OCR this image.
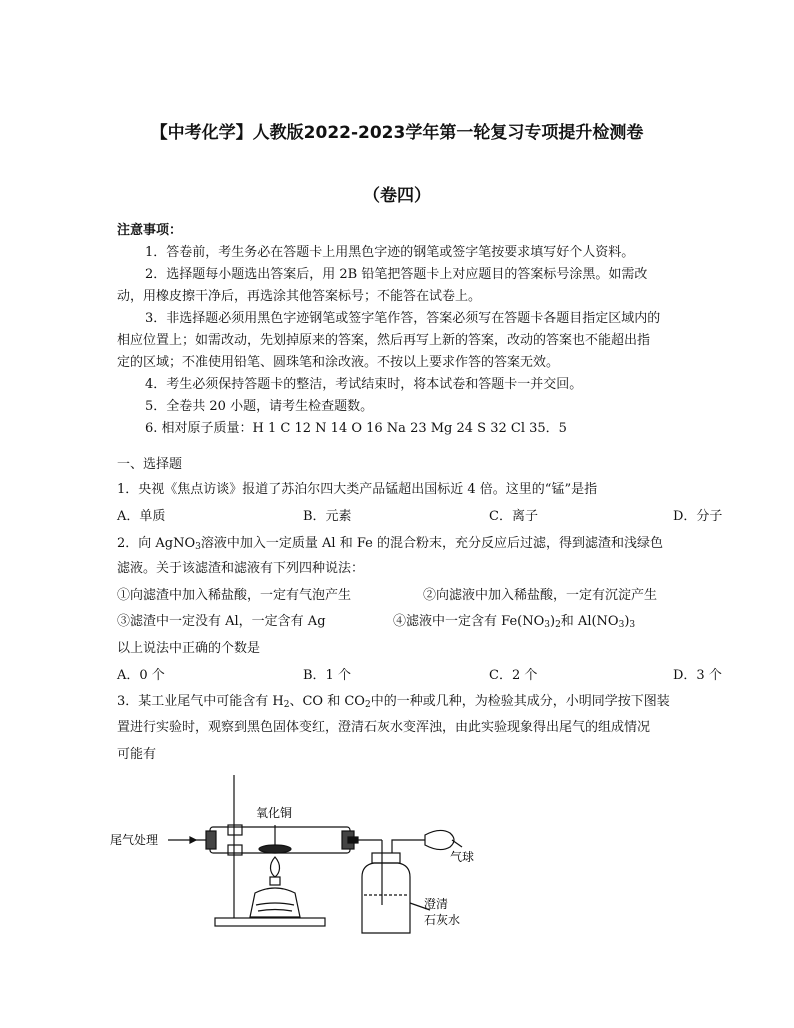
【中考化学】人教版2022-2023学年第一轮复习专项提升检测卷
（卷四）
注意事项：
1．答卷前，考生务必在答题卡上用黑色字迹的钢笔或签字笔按要求填写好个人资料。
2．选择题每小题选出答案后，用 2B 铅笔把答题卡上对应题目的答案标号涂黑。如需改
动，用橡皮擦干净后，再选涂其他答案标号；不能答在试卷上。
3．非选择题必须用黑色字迹钢笔或签字笔作答，答案必须写在答题卡各题目指定区域内的
相应位置上；如需改动，先划掉原来的答案，然后再写上新的答案，改动的答案也不能超出指
定的区域；不准使用铅笔、圆珠笔和涂改液。不按以上要求作答的答案无效。
4．考生必须保持答题卡的整洁，考试结束时，将本试卷和答题卡一并交回。
5．全卷共 20 小题，请考生检查题数。
6. 相对原子质量：H 1 C 12 N 14 O 16 Na 23 Mg 24 S 32 Cl 35．5
一、选择题
1．央视《焦点访谈》报道了苏泊尔四大类产品锰超出国标近 4 倍。这里的“锰”是指
A．单质	B．元素	C．离子	D．分子
2．向 AgNO$_3$溶液中加入一定质量 Al 和 Fe 的混合粉末，充分反应后过滤，得到滤渣和浅绿色
滤液。关于该滤渣和滤液有下列四种说法：
①向滤渣中加入稀盐酸，一定有气泡产生	②向滤液中加入稀盐酸，一定有沉淀产生
③滤渣中一定没有 Al，一定含有 Ag	④滤液中一定含有 $Fe(NO_3)_2$和 $Al(NO_3)_3$
以上说法中正确的个数是
A．0 个	B．1 个	C．2 个	D．3 个
3．某工业尾气中可能含有 $H_2$、CO 和 $CO_2$中的一种或几种，为检验其成分，小明同学按下图装
置进行实验时，观察到黑色固体变红，澄清石灰水变浑浊，由此实验现象得出尾气的组成情况
可能有
尾气处理
氧化铜
气球
澄清
石灰水
